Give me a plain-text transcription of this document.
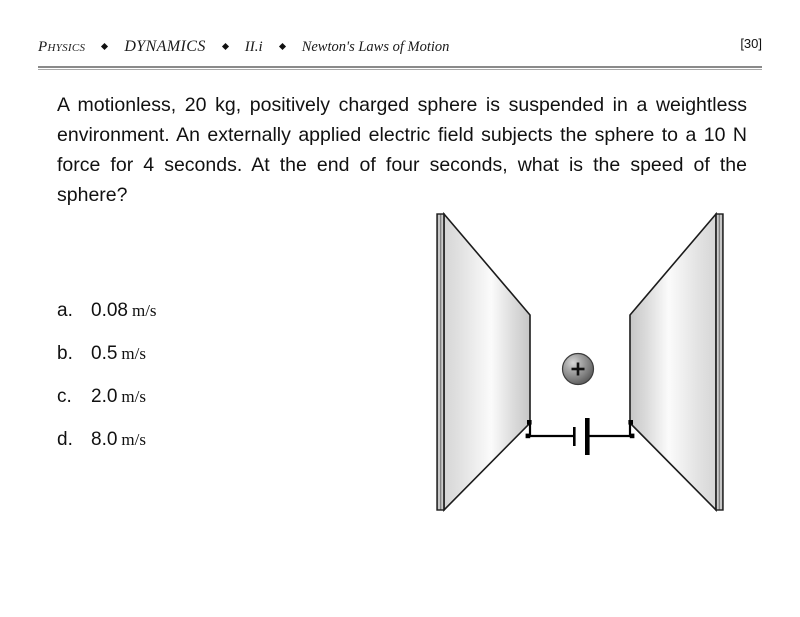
Physics DYNAMICS	II.i	Newton's Laws of Motion	[30]
A motionless, 20 kg, positively charged sphere is suspended in a weightless environment. An externally applied electric field subjects the sphere to a 10 N force for 4 seconds. At the end of four seconds, what is the speed of the sphere?
a. 0.08 m/s
b. 0.5 m/s
c. 2.0 m/s
d. 8.0 m/s
